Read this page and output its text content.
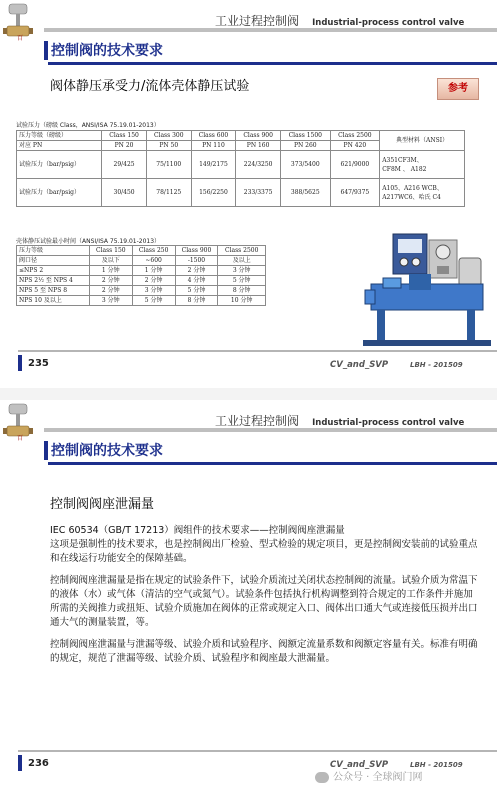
百
工业过程控制阀 Industrial-process control valve
控制阀的技术要求
阀体静压承受力/流体壳体静压试验	参考
试验压力（磅级 Class，ANSI/ISA 75.19.01-2013）
压力等级（磅级）	Class 150	Class 300	Class 600	Class 900	Class 1500	Class 2500	典型材料（ANSI）
对应 PN	PN 20	PN 50	PN 110	PN 160	PN 260	PN 420	
试验压力（bar/psig）	29/425	75/1100	149/2175	224/3250	373/5400	621/9000	A351CF3M、
CF8M 、 A182

试验压力（bar/psig）	30/450	78/1125	156/2250	233/3375	388/5625	647/9375	A105、A216 WCB、
A217WC6、哈氏 C4
壳体静压试验最小时间（ANSI/ISA 75.19.01-2013）
压力等级	Class 150	Class 250	Class 900	Class 2500
阀口径	及以下	~600	-1500	及以上
≤NPS 2	1 分钟	1 分钟	2 分钟	3 分钟
NPS 2½ 至 NPS 4	2 分钟	2 分钟	4 分钟	5 分钟
NPS 5 至 NPS 8	2 分钟	3 分钟	5 分钟	8 分钟
NPS 10 及以上	3 分钟	5 分钟	8 分钟	10 分钟
235	CV_and_SVP	LBH - 201509
百
工业过程控制阀 Industrial-process control valve
控制阀的技术要求
控制阀阀座泄漏量

IEC 60534（GB/T 17213）阀组件的技术要求——控制阀阀座泄漏量
这项是强制性的技术要求，也是控制阀出厂检验、型式检验的规定项目，更是控制阀安装前的试验重点和在线运行功能安全的保障基础。

控制阀阀座泄漏量是指在规定的试验条件下，试验介质流过关闭状态控制阀的流量。试验介质为常温下的液体（水）或气体（清洁的空气或氮气）。试验条件包括执行机构调整到符合规定的工作条件并施加所需的关阀推力或扭矩、试验介质施加在阀体的正常或规定入口、阀体出口通大气或连接低压损并出口通大气的测量装置，等。

控制阀阀座泄漏量与泄漏等级、试验介质和试验程序、阀额定流量系数和阀额定容量有关。标准有明确的规定，规范了泄漏等级、试验介质、试验程序和阀座最大泄漏量。

236	CV_and_SVP	LBH - 201509
公众号 · 全球阀门网
